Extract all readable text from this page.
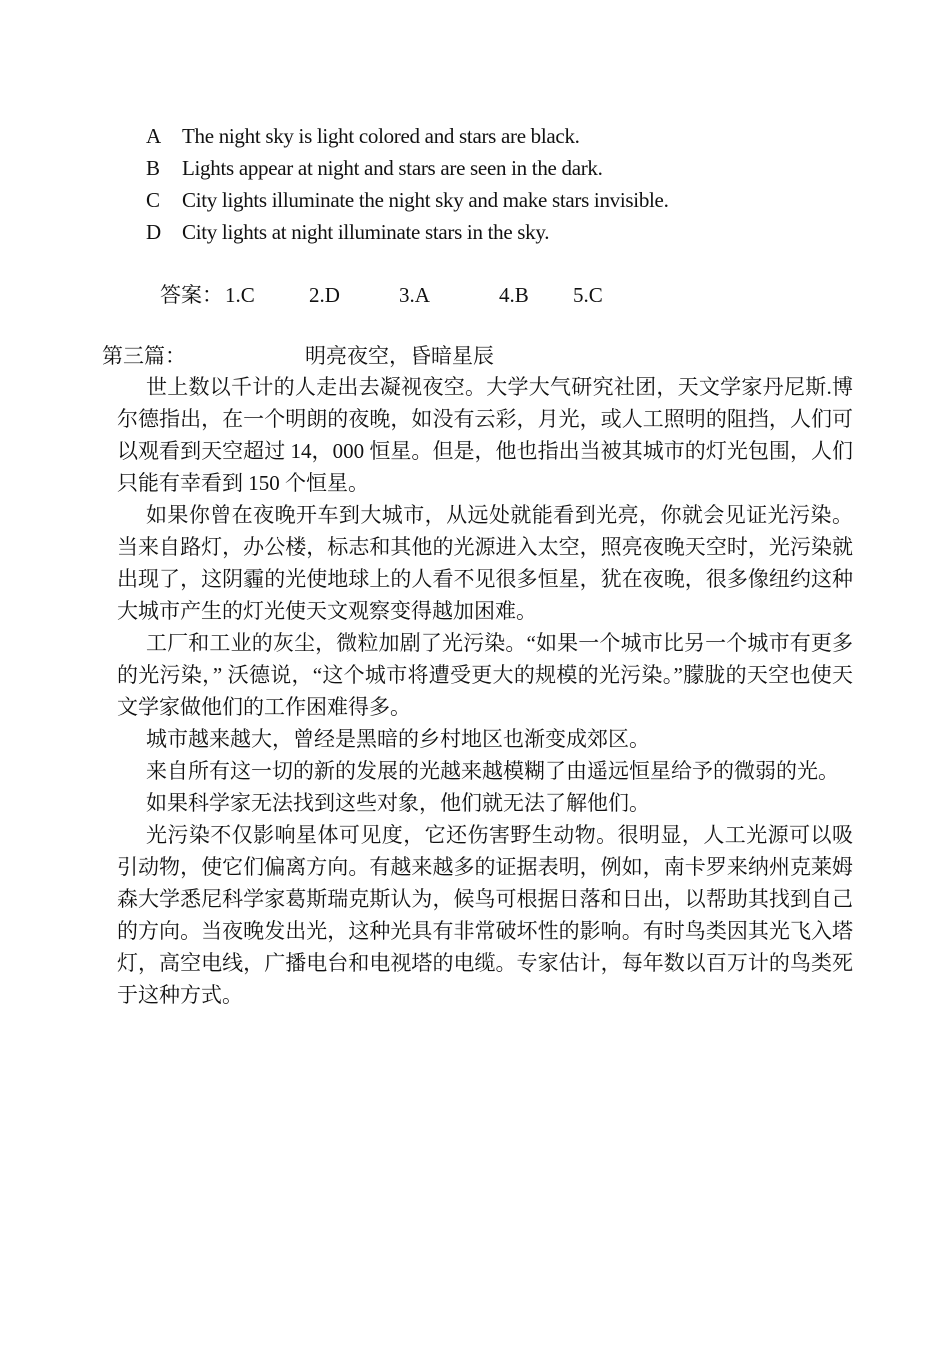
A	The night sky is light colored and stars are black.
B	Lights appear at night and stars are seen in the dark.
C	City lights illuminate the night sky and make stars invisible.
D	City lights at night illuminate stars in the sky.
答案： 1.C	2.D	3.A	4.B	5.C
第三篇：	明亮夜空，昏暗星辰

世上数以千计的人走出去凝视夜空。大学大气研究社团，天文学家丹尼斯.博尔德指出，在一个明朗的夜晚，如没有云彩，月光，或人工照明的阻挡，人们可以观看到天空超过 14，000 恒星。但是，他也指出当被其城市的灯光包围，人们只能有幸看到 150 个恒星。

如果你曾在夜晚开车到大城市，从远处就能看到光亮，你就会见证光污染。当来自路灯，办公楼，标志和其他的光源进入太空，照亮夜晚天空时，光污染就出现了，这阴霾的光使地球上的人看不见很多恒星，犹在夜晚，很多像纽约这种大城市产生的灯光使天文观察变得越加困难。

工厂和工业的灰尘，微粒加剧了光污染。“如果一个城市比另一个城市有更多的光污染，” 沃德说，“这个城市将遭受更大的规模的光污染。”朦胧的天空也使天文学家做他们的工作困难得多。

城市越来越大，曾经是黑暗的乡村地区也渐变成郊区。

来自所有这一切的新的发展的光越来越模糊了由遥远恒星给予的微弱的光。

如果科学家无法找到这些对象，他们就无法了解他们。

光污染不仅影响星体可见度，它还伤害野生动物。很明显，人工光源可以吸引动物，使它们偏离方向。有越来越多的证据表明，例如，南卡罗来纳州克莱姆森大学悉尼科学家葛斯瑞克斯认为，候鸟可根据日落和日出，以帮助其找到自己的方向。当夜晚发出光，这种光具有非常破坏性的影响。有时鸟类因其光飞入塔灯，高空电线，广播电台和电视塔的电缆。专家估计，每年数以百万计的鸟类死于这种方式。
